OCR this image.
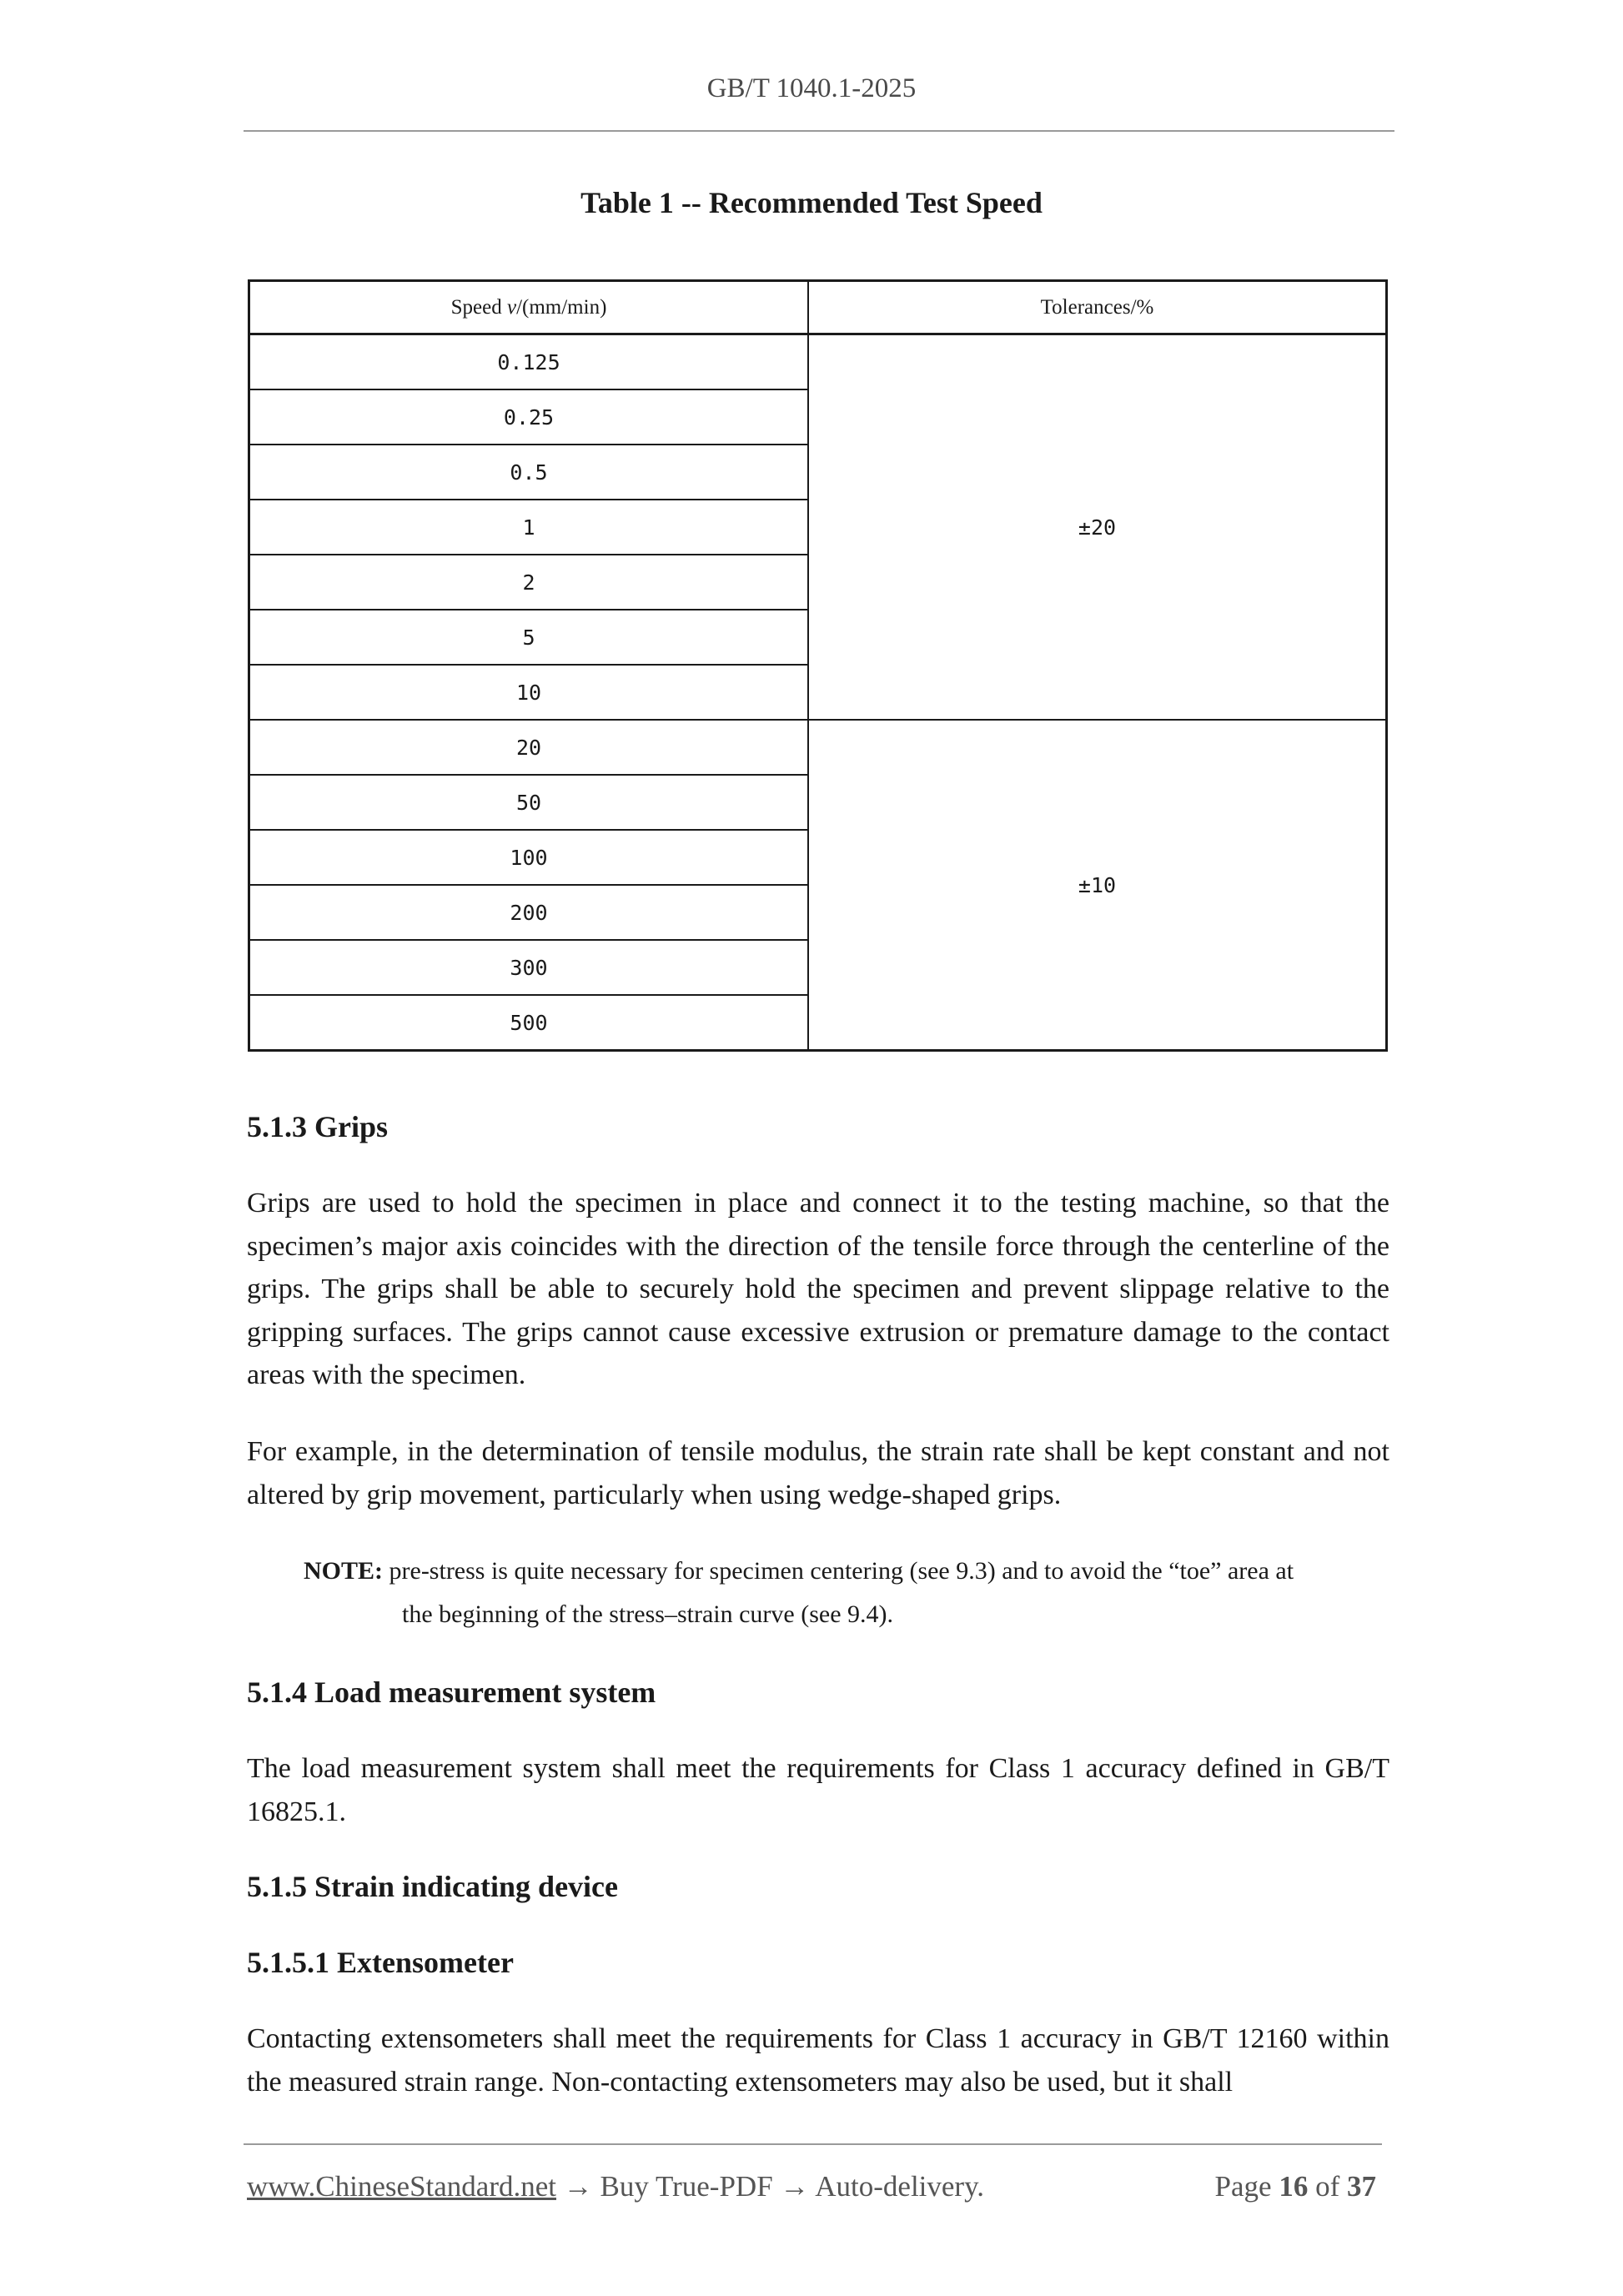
GB/T 1040.1-2025
Table 1 -- Recommended Test Speed
Speed v/(mm/min)	Tolerances/%
0.125	±20
0.25	
0.5	
1	
2	
5	
10	
20	±10
50	
100	
200	
300	
500	
5.1.3 Grips

Grips are used to hold the specimen in place and connect it to the testing machine, so that the specimen’s major axis coincides with the direction of the tensile force through the centerline of the grips. The grips shall be able to securely hold the specimen and prevent slippage relative to the gripping surfaces. The grips cannot cause excessive extrusion or premature damage to the contact areas with the specimen.

For example, in the determination of tensile modulus, the strain rate shall be kept constant and not altered by grip movement, particularly when using wedge-shaped grips.

NOTE: pre-stress is quite necessary for specimen centering (see 9.3) and to avoid the “toe” area at
the beginning of the stress–strain curve (see 9.4).

5.1.4 Load measurement system

The load measurement system shall meet the requirements for Class 1 accuracy defined in GB/T 16825.1.

5.1.5 Strain indicating device
5.1.5.1 Extensometer

Contacting extensometers shall meet the requirements for Class 1 accuracy in GB/T 12160 within the measured strain range. Non-contacting extensometers may also be used, but it shall

www.ChineseStandard.net → Buy True-PDF → Auto-delivery.	Page 16 of 37
